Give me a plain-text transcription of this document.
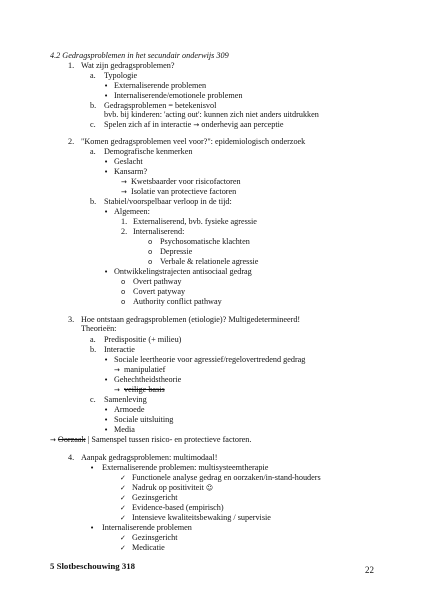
4.2 Gedragsproblemen in het secundair onderwijs 309
1. Wat zijn gedragsproblemen?
a. Typologie
• Externaliserende problemen
• Internaliserende/emotionele problemen
b. Gedragsproblemen = betekenisvol
bvb. bij kinderen: 'acting out': kunnen zich niet anders uitdrukken
c. Spelen zich af in interactie → onderhevig aan perceptie
2. "Komen gedragsproblemen veel voor?": epidemiologisch onderzoek
a. Demografische kenmerken
• Geslacht
• Kansarm?
→ Kwetsbaarder voor risicofactoren
→ Isolatie van protectieve factoren
b. Stabiel/voorspelbaar verloop in de tijd:
• Algemeen:
1. Externaliserend, bvb. fysieke agressie
2. Internaliserend:
o Psychosomatische klachten
o Depressie
o Verbale & relationele agressie
• Ontwikkelingstrajecten antisociaal gedrag
o Overt pathway
o Covert patyway
o Authority conflict pathway
3. Hoe ontstaan gedragsproblemen (etiologie)? Multigedetermineerd!
Theorieën:
a. Predispositie (+ milieu)
b. Interactie
• Sociale leertheorie voor agressief/regelovertredend gedrag
→ manipulatief
• Gehechtheidstheorie
→ veilige basis
c. Samenleving
• Armoede
• Sociale uitsluiting
• Media
→ Oorzaak | Samenspel tussen risico- en protectieve factoren.
4. Aanpak gedragsproblemen: multimodaal!
• Externaliserende problemen: multisysteemtherapie
✓ Functionele analyse gedrag en oorzaken/in-stand-houders
✓ Nadruk op positiviteit ☺
✓ Gezinsgericht
✓ Evidence-based (empirisch)
✓ Intensieve kwaliteitsbewaking / supervisie
• Internaliserende problemen
✓ Gezinsgericht
✓ Medicatie
5 Slotbeschouwing 318	22
